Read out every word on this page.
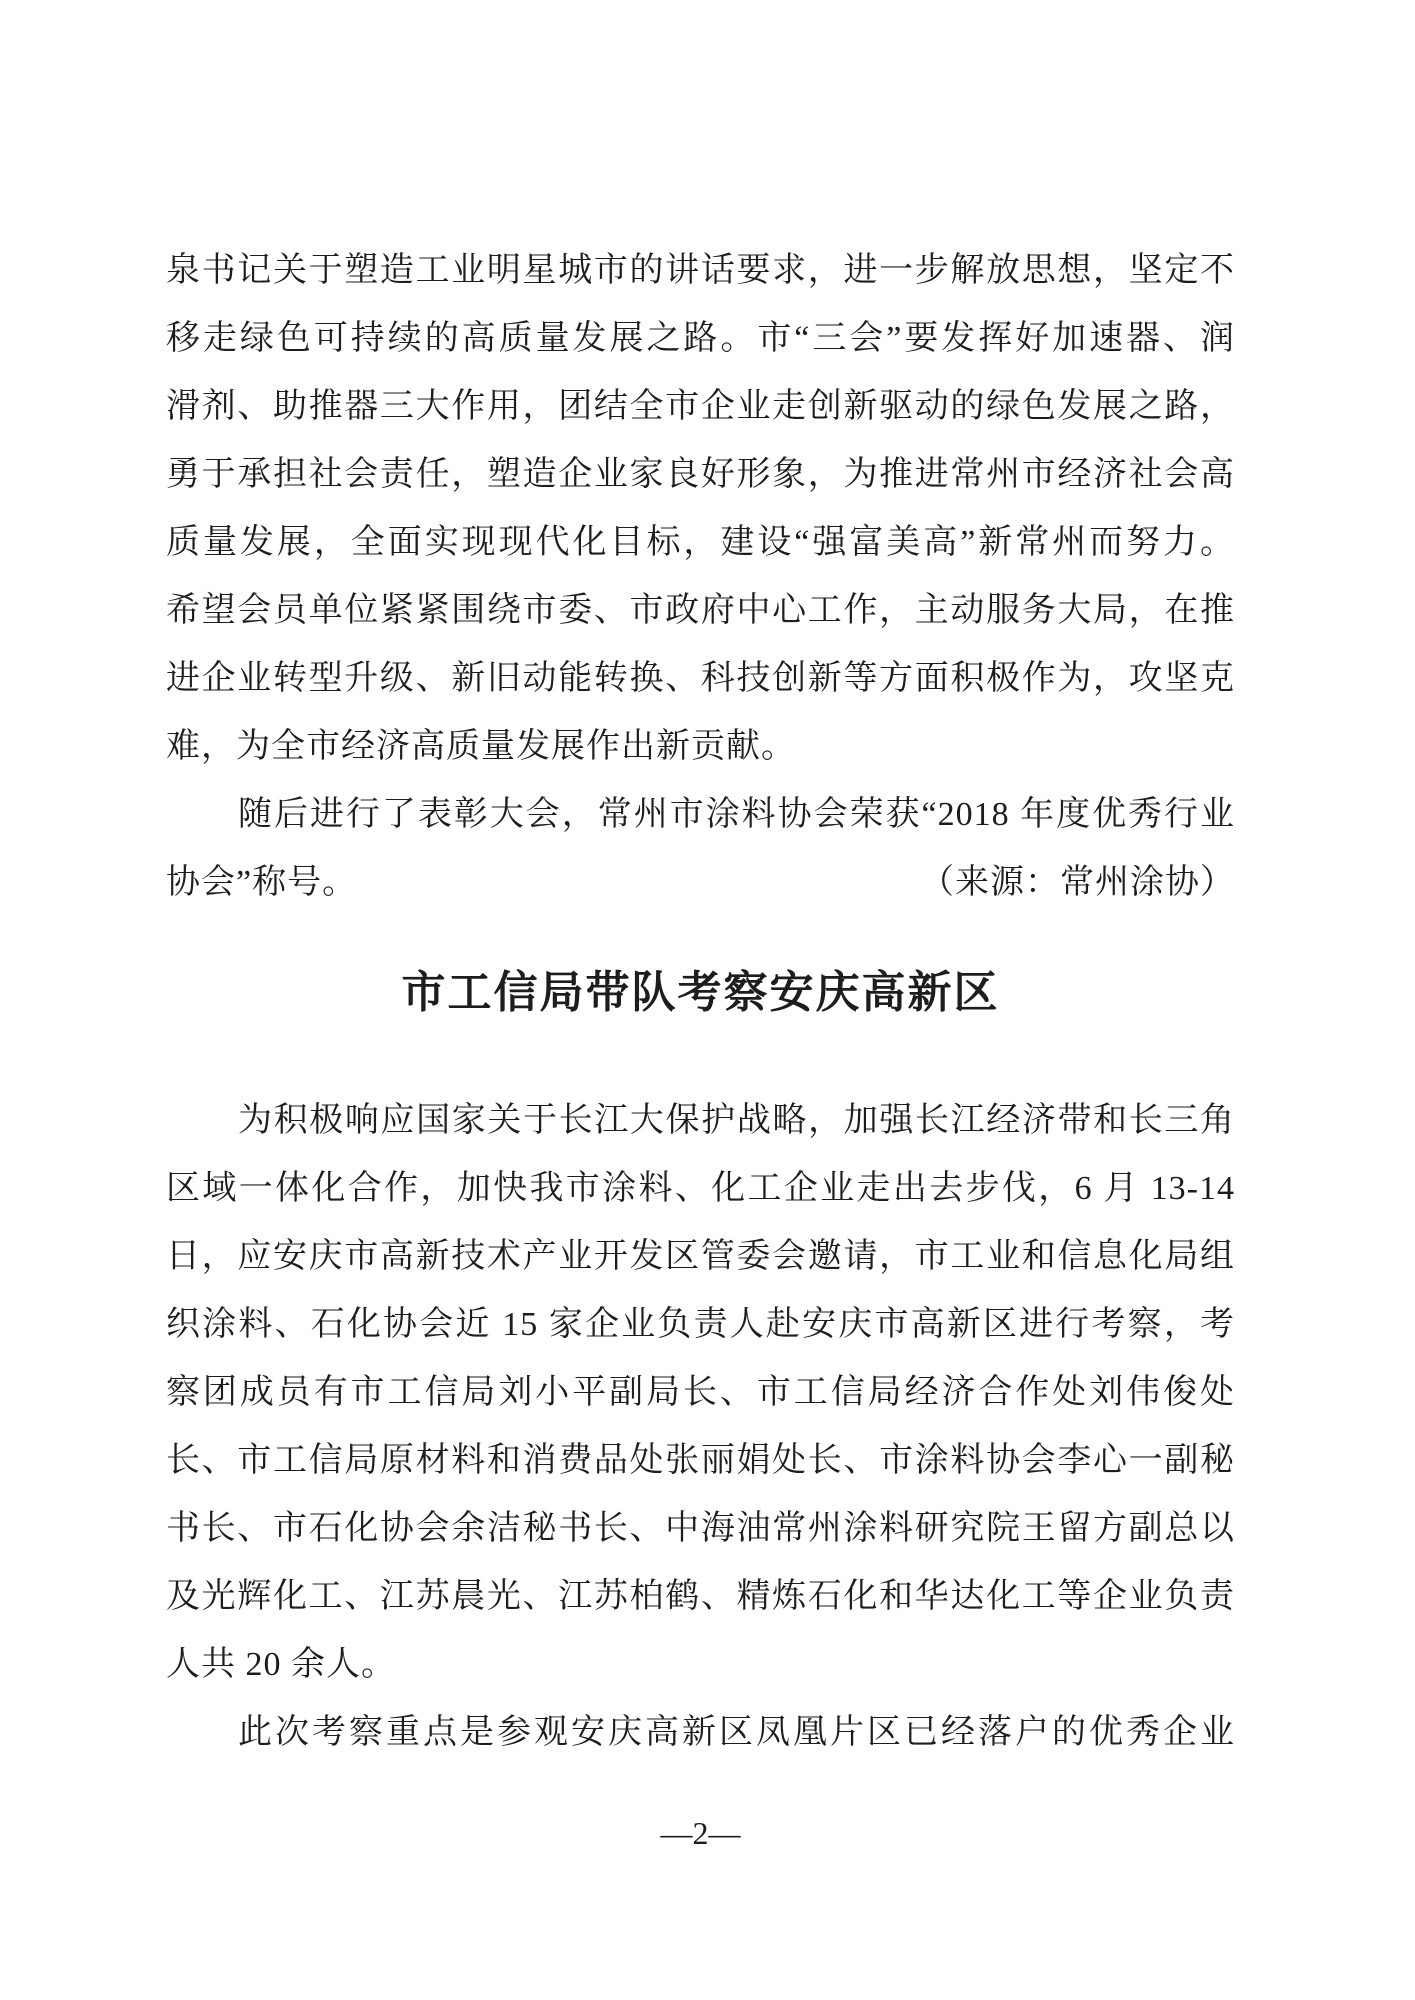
泉书记关于塑造工业明星城市的讲话要求，进一步解放思想，坚定不
移走绿色可持续的高质量发展之路。市“三会”要发挥好加速器、润
滑剂、助推器三大作用，团结全市企业走创新驱动的绿色发展之路，
勇于承担社会责任，塑造企业家良好形象，为推进常州市经济社会高
质量发展，全面实现现代化目标，建设“强富美高”新常州而努力。
希望会员单位紧紧围绕市委、市政府中心工作，主动服务大局，在推
进企业转型升级、新旧动能转换、科技创新等方面积极作为，攻坚克
难，为全市经济高质量发展作出新贡献。
随后进行了表彰大会，常州市涂料协会荣获“2018 年度优秀行业
协会”称号。	（来源：常州涂协）
市工信局带队考察安庆高新区
为积极响应国家关于长江大保护战略，加强长江经济带和长三角
区域一体化合作，加快我市涂料、化工企业走出去步伐，6 月 13-14
日，应安庆市高新技术产业开发区管委会邀请，市工业和信息化局组
织涂料、石化协会近 15 家企业负责人赴安庆市高新区进行考察，考
察团成员有市工信局刘小平副局长、市工信局经济合作处刘伟俊处
长、市工信局原材料和消费品处张丽娟处长、市涂料协会李心一副秘
书长、市石化协会余洁秘书长、中海油常州涂料研究院王留方副总以
及光辉化工、江苏晨光、江苏柏鹤、精炼石化和华达化工等企业负责
人共 20 余人。
此次考察重点是参观安庆高新区凤凰片区已经落户的优秀企业
—2—
